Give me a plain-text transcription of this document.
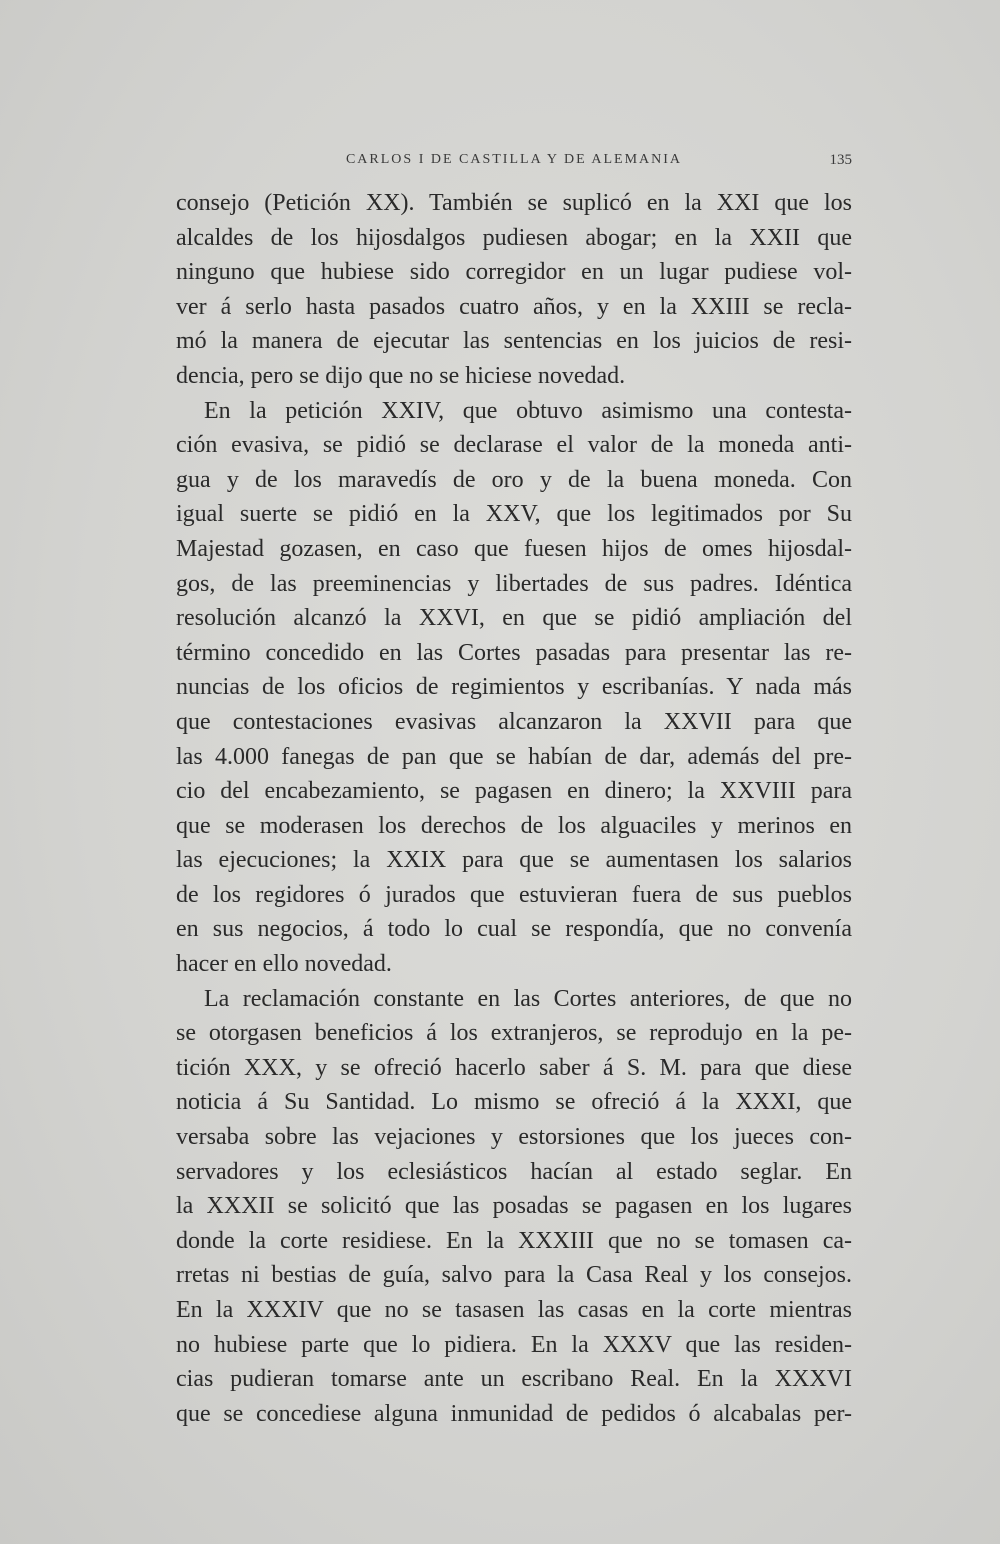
CARLOS I DE CASTILLA Y DE ALEMANIA	135
consejo (Petición XX). También se suplicó en la XXI que los
alcaldes de los hijosdalgos pudiesen abogar; en la XXII que
ninguno que hubiese sido corregidor en un lugar pudiese vol-
ver á serlo hasta pasados cuatro años, y en la XXIII se recla-
mó la manera de ejecutar las sentencias en los juicios de resi-
dencia, pero se dijo que no se hiciese novedad.
En la petición XXIV, que obtuvo asimismo una contesta-
ción evasiva, se pidió se declarase el valor de la moneda anti-
gua y de los maravedís de oro y de la buena moneda. Con
igual suerte se pidió en la XXV, que los legitimados por Su
Majestad gozasen, en caso que fuesen hijos de omes hijosdal-
gos, de las preeminencias y libertades de sus padres. Idéntica
resolución alcanzó la XXVI, en que se pidió ampliación del
término concedido en las Cortes pasadas para presentar las re-
nuncias de los oficios de regimientos y escribanías. Y nada más
que contestaciones evasivas alcanzaron la XXVII para que
las 4.000 fanegas de pan que se habían de dar, además del pre-
cio del encabezamiento, se pagasen en dinero; la XXVIII para
que se moderasen los derechos de los alguaciles y merinos en
las ejecuciones; la XXIX para que se aumentasen los salarios
de los regidores ó jurados que estuvieran fuera de sus pueblos
en sus negocios, á todo lo cual se respondía, que no convenía
hacer en ello novedad.
La reclamación constante en las Cortes anteriores, de que no
se otorgasen beneficios á los extranjeros, se reprodujo en la pe-
tición XXX, y se ofreció hacerlo saber á S. M. para que diese
noticia á Su Santidad. Lo mismo se ofreció á la XXXI, que
versaba sobre las vejaciones y estorsiones que los jueces con-
servadores y los eclesiásticos hacían al estado seglar. En
la XXXII se solicitó que las posadas se pagasen en los lugares
donde la corte residiese. En la XXXIII que no se tomasen ca-
rretas ni bestias de guía, salvo para la Casa Real y los consejos.
En la XXXIV que no se tasasen las casas en la corte mientras
no hubiese parte que lo pidiera. En la XXXV que las residen-
cias pudieran tomarse ante un escribano Real. En la XXXVI
que se concediese alguna inmunidad de pedidos ó alcabalas per-
